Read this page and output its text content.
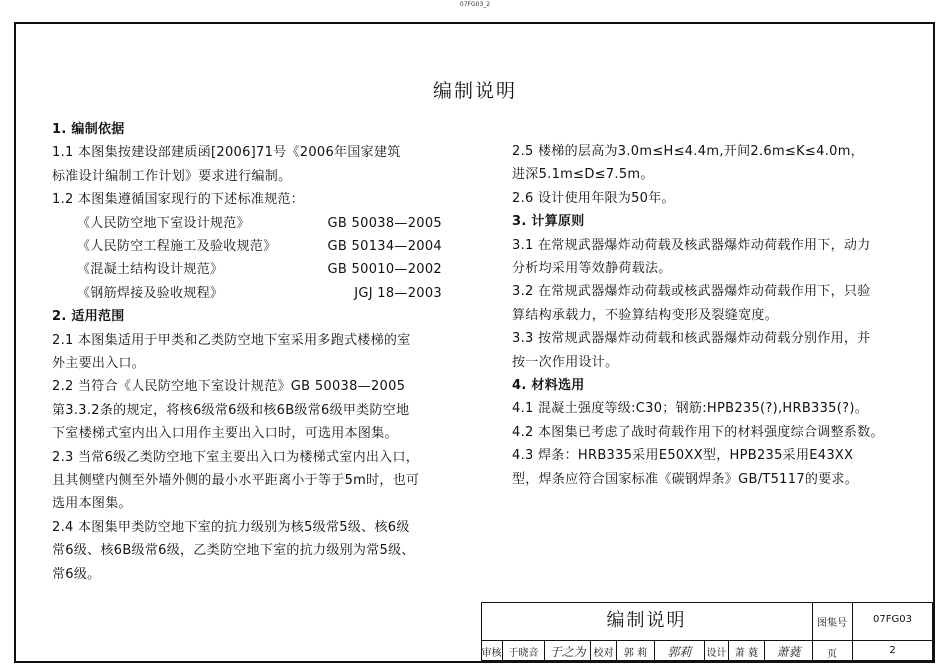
07FG03_2
编制说明

1. 编制依据

1.1 本图集按建设部建质函[2006]71号《2006年国家建筑

标准设计编制工作计划》要求进行编制。

1.2 本图集遵循国家现行的下述标准规范：

《人民防空地下室设计规范》	GB 50038—2005
《人民防空工程施工及验收规范》	GB 50134—2004
《混凝土结构设计规范》	GB 50010—2002
《钢筋焊接及验收规程》	JGJ 18—2003

2. 适用范围

2.1 本图集适用于甲类和乙类防空地下室采用多跑式楼梯的室

外主要出入口。

2.2 当符合《人民防空地下室设计规范》GB 50038—2005

第3.3.2条的规定，将核6级常6级和核6B级常6级甲类防空地

下室楼梯式室内出入口用作主要出入口时，可选用本图集。

2.3 当常6级乙类防空地下室主要出入口为楼梯式室内出入口，

且其侧壁内侧至外墙外侧的最小水平距离小于等于5m时，也可

选用本图集。

2.4 本图集甲类防空地下室的抗力级别为核5级常5级、核6级

常6级、核6B级常6级，乙类防空地下室的抗力级别为常5级、

常6级。

2.5 楼梯的层高为3.0m≤H≤4.4m,开间2.6m≤K≤4.0m，

进深5.1m≤D≤7.5m。

2.6 设计使用年限为50年。

3. 计算原则

3.1 在常规武器爆炸动荷载及核武器爆炸动荷载作用下，动力

分析均采用等效静荷载法。

3.2 在常规武器爆炸动荷载或核武器爆炸动荷载作用下，只验

算结构承载力，不验算结构变形及裂缝宽度。

3.3 按常规武器爆炸动荷载和核武器爆炸动荷载分别作用，并

按一次作用设计。

4. 材料选用

4.1 混凝土强度等级:C30；钢筋:HPB235(?),HRB335(?)。

4.2 本图集已考虑了战时荷载作用下的材料强度综合调整系数。

4.3 焊条：HRB335采用E50XX型，HPB235采用E43XX

型，焊条应符合国家标准《碳钢焊条》GB/T5117的要求。

编制说明	图集号	07FG03
页	2
审核 于晓音 于之为 校对	郭 莉	郭莉	设计 萧 蕤	萧蕤
